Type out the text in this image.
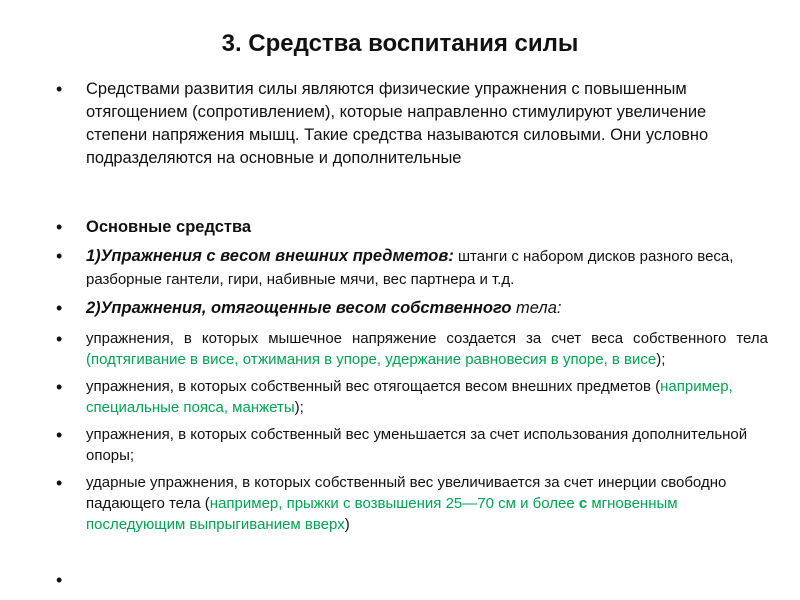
3. Средства воспитания силы
• Средствами развития силы являются физические упражнения с повышенным отягощением (сопротивлением), которые направленно стимулируют увеличение степени напряжения мышц. Такие средства называются силовыми. Они условно подразделяются на основные и дополнительные
• Основные средства
• 1)Упражнения с весом внешних предметов: штанги с набором дисков разного веса, разборные гантели, гири, набивные мячи, вес партнера и т.д.
• 2)Упражнения, отягощенные весом собственного тела:
• упражнения, в которых мышечное напряжение создается за счет веса собственного тела (подтягивание в висе, отжимания в упоре, удержание равновесия в упоре, в висе);
• упражнения, в которых собственный вес отягощается весом внешних предметов (например, специальные пояса, манжеты);
• упражнения, в которых собственный вес уменьшается за счет использования дополнительной опоры;
• ударные упражнения, в которых собственный вес увеличивается за счет инерции свободно падающего тела (например, прыжки с возвышения 25—70 см и более с мгновенным последующим выпрыгиванием вверх)
•
